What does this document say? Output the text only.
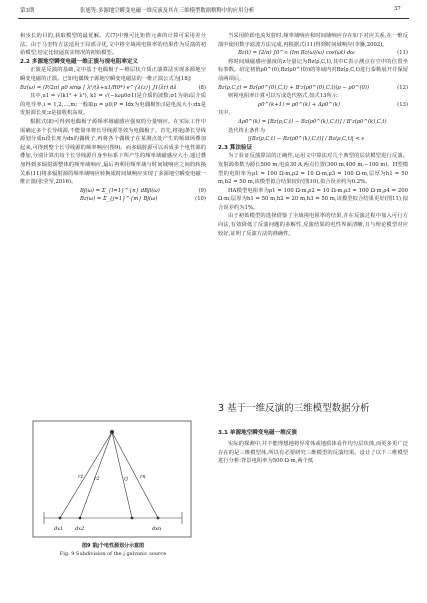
第3期	张旭等:多源地空瞬变电磁一维反演及其在三维模型数据解释中的应用分析	37

和步长的目的,获取模型的最优解。式(7)中雅可比矩阵元素的计算可采用差分法。由于马奎特方法适用于局部寻优,文中将全域视电阻率的结果作为反演的初始模型,给定比较逼真实情况的初始模型。

2.2 多源地空瞬变电磁一维正演与视电阻率定义

正演是反演的基础,文中基于电偶极子—维层状介质正演算法实现多源地空瞬变电磁的正演。已知电偶极子源地空瞬变电磁法的一维正演公式为[18]:

Bz(ω) = (P/2π) μ0 sinφ ∫ λ²/(λ+u1/R0*) e^{λ(z)} J1(λr) dλ	(8)

其中,u1 = √(k1² + λ²), k1 = √(−iωμ0σ1)是介质的波数;σ1为第i层介质的电导率,i = 1,2,…,m;一般取μ = μ0;P = Idx为电偶极矩;I是电流大小;dx是发射源长度;z是接收机高度。

根据式(8)可得到电偶极子源频率域磁感应强度的分量响应。在实际工作中需确定多个长导线源,不能简单将长导线源等效为电偶极子。首先,将第j条长导线源划分成n段长度为dx的偶极子,再将各个偶极子在某测点处产生的频域场叠加起来,可得到整个长导线源的频率响应(图9)。而多辐射源可以看成多个电性源的叠加,分别计算出每个长导线源自身坐标系下所产生的频率域磁感应大小,通过叠加得到多辐射源整体的频率域响应,最后再利用频率域与时间域响应之间的转换关系(11)将多辐射源的频率域响应转换成时间域响应实现了多源地空瞬变电磁一维正演(张莹莹,2016)。

Bj(ω) = Σ_{l=1}^{n} dBjl(ω)	(9)

Bz(ω) = Σ_{j=1}^{m} Bj(ω)	(10)

r1 r2	rj rn
dx1 dx2	dxn
图9 第j个电性源划分示意图
Fig. 9 Subdivision of the j galvanic source

当采用阶跃电流发射时,频率域响应和时间域响应存在如下对应关系,在一维反演中使用数字滤波方法完成,再根据式(11)得到时间域响应(李貅,2002)。

Bz(t) = (2/π) ∫0^∞ (Im Bz(ω)/ω) cos(ωt) dω	(11)

将时间域磁感应强度的z分量记为Bz(ρ,C,t),其中C表示测点在空中的位置坐标参数。给定初值ρ0^(0),Bz(ρ0^(0))的等域内对Bz(ρ,C,t)进行泰勒展开并保留前两项后,

Bz(ρ,C,t) = Bz(ρ0^(0),C,t) + B'z(ρ0^(0),C,t)(ρ − ρ0^(0))	(12)

则视电阻率计算可以写成迭代格式,如式13所示:

ρ0^(k+1) = ρ0^(k) + Δρ0^(k)	(13)

其中,

Δρ0^(k) = [Bz(ρ,C,t) − Bz(ρ0^(k),C,t)] / B'z(ρ0^(k),C,t)

迭代终止条件为

|[Bz(ρ,C,t) − Bz(ρ0^(k),C,t)] / Bz(ρ,C,t)| < ε

2.3 算法验证

为了验证反演算法的正确性,运用文中算法对几个典型的层状模型进行反演。发射源参数为源长500 m,电流30 A,两点位置(300 m,400 m,−100 m)。H型模型的电阻率为ρ1 = 100 Ω·m,ρ2 = 10 Ω·m,ρ3 = 100 Ω·m,层厚为h1 = 50 m,h2 = 50 m,该模型拟合结果较好(图10),拟合误差约为0.2%。

HA模型电阻率为ρ1 = 100 Ω·m,ρ2 = 10 Ω·m,ρ3 = 100 Ω·m,ρ4 = 200 Ω·m;层厚为h1 = 50 m,h2 = 20 m,h3 = 50 m,该模型拟合结果更好(图11),拟合误差约为1%。

由于初始模型的选择借鉴了全域视电阻率的结果,并在反演过程中加入可行方向法,有效降低了反演问题的多解性,反演结果的电性界面清晰,且与理论模型对应较好,证明了反演方法的准确性。

3 基于一维反演的三维模型数据分析
3.1 单源地空瞬变电磁一维反演

实际的探测中,并不能理想地将异常体或地质体看作均匀层状体,而更多更广泛存在的是三维模型体,所以有必要研究三维模型的反演结果。设计了以下三维模型进行分析:背景电阻率为500 Ω·m,两个低
